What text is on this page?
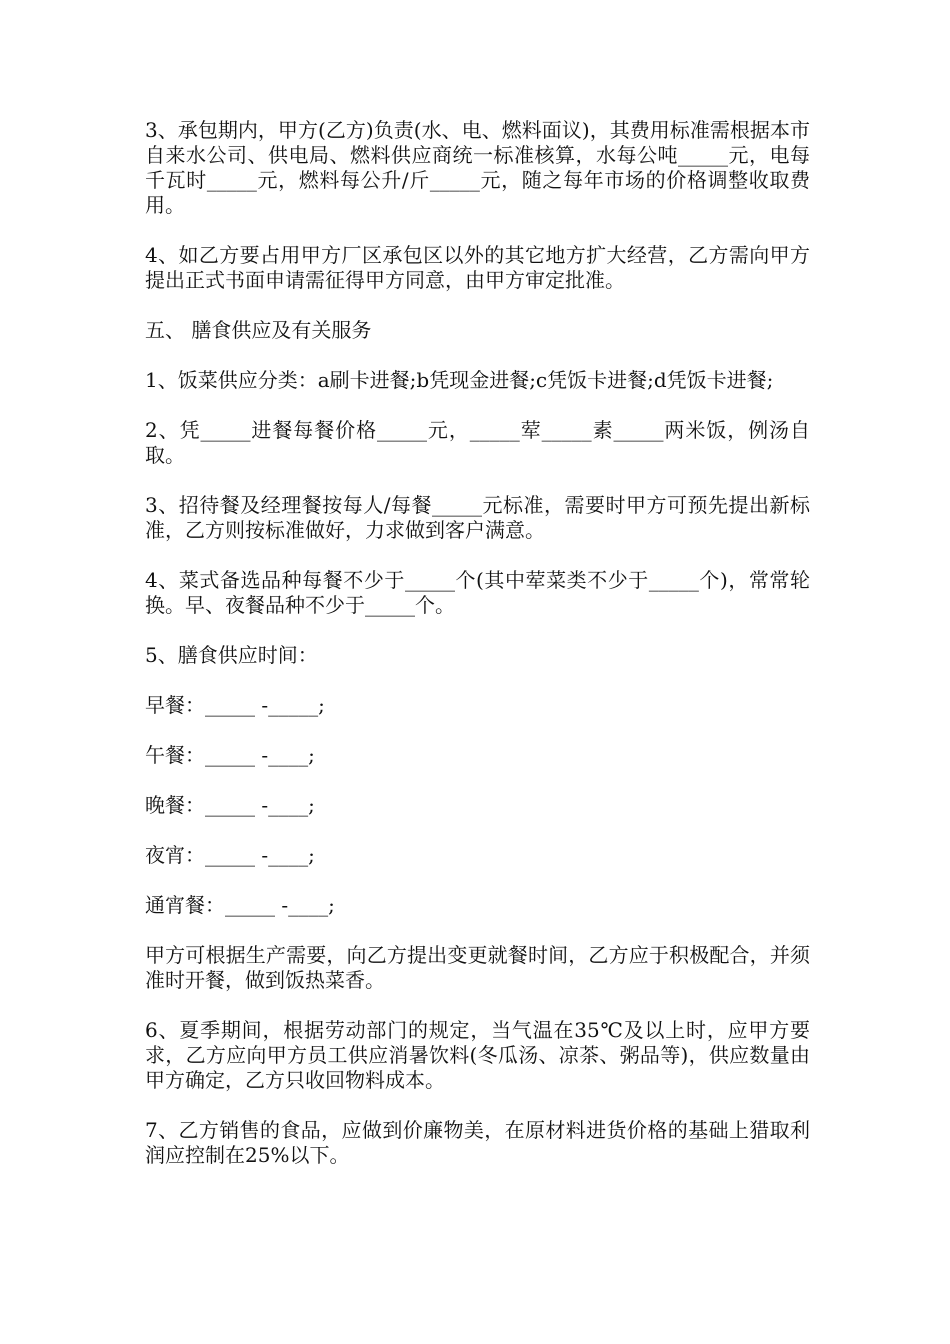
3、承包期内，甲方(乙方)负责(水、电、燃料面议)，其费用标准需根据本市自来水公司、供电局、燃料供应商统一标准核算，水每公吨_____元，电每千瓦时_____元，燃料每公升/斤_____元，随之每年市场的价格调整收取费用。

4、如乙方要占用甲方厂区承包区以外的其它地方扩大经营，乙方需向甲方提出正式书面申请需征得甲方同意，由甲方审定批准。

五、 膳食供应及有关服务

1、饭菜供应分类：a刷卡进餐;b凭现金进餐;c凭饭卡进餐;d凭饭卡进餐;

2、凭_____进餐每餐价格_____元，_____荤_____素_____两米饭，例汤自取。

3、招待餐及经理餐按每人/每餐_____元标准，需要时甲方可预先提出新标准，乙方则按标准做好，力求做到客户满意。

4、菜式备选品种每餐不少于_____个(其中荤菜类不少于_____个)，常常轮换。早、夜餐品种不少于_____个。

5、膳食供应时间：

早餐：_____ -_____;

午餐：_____ -____;

晚餐：_____ -____;

夜宵：_____ -____;

通宵餐：_____ -____;

甲方可根据生产需要，向乙方提出变更就餐时间，乙方应于积极配合，并须准时开餐，做到饭热菜香。

6、夏季期间，根据劳动部门的规定，当气温在35℃及以上时，应甲方要求，乙方应向甲方员工供应消暑饮料(冬瓜汤、凉茶、粥品等)，供应数量由甲方确定，乙方只收回物料成本。

7、乙方销售的食品，应做到价廉物美，在原材料进货价格的基础上猎取利润应控制在25%以下。
